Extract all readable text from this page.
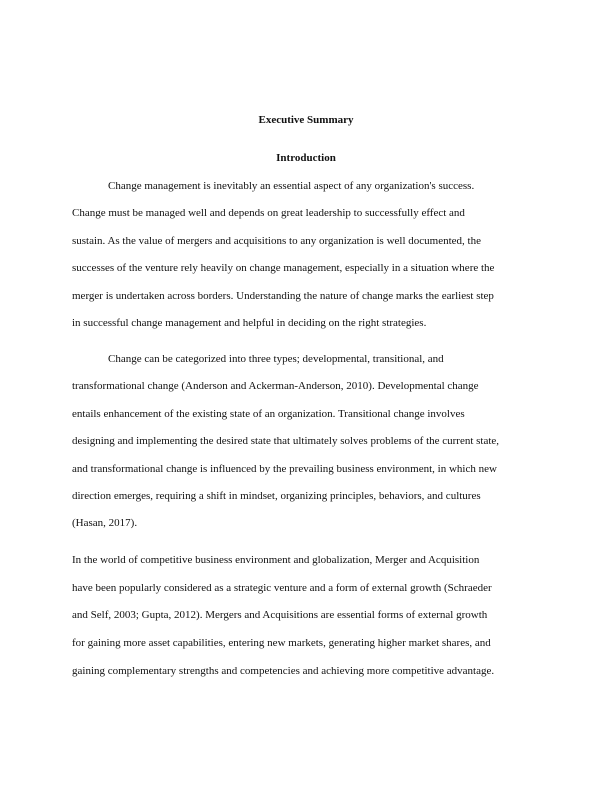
Executive Summary
Introduction
Change management is inevitably an essential aspect of any organization's success.
Change must be managed well and depends on great leadership to successfully effect and
sustain. As the value of mergers and acquisitions to any organization is well documented, the
successes of the venture rely heavily on change management, especially in a situation where the
merger is undertaken across borders. Understanding the nature of change marks the earliest step
in successful change management and helpful in deciding on the right strategies.
Change can be categorized into three types; developmental, transitional, and
transformational change (Anderson and Ackerman-Anderson, 2010). Developmental change
entails enhancement of the existing state of an organization. Transitional change involves
designing and implementing the desired state that ultimately solves problems of the current state,
and transformational change is influenced by the prevailing business environment, in which new
direction emerges, requiring a shift in mindset, organizing principles, behaviors, and cultures
(Hasan, 2017).
In the world of competitive business environment and globalization, Merger and Acquisition
have been popularly considered as a strategic venture and a form of external growth (Schraeder
and Self, 2003; Gupta, 2012). Mergers and Acquisitions are essential forms of external growth
for gaining more asset capabilities, entering new markets, generating higher market shares, and
gaining complementary strengths and competencies and achieving more competitive advantage.
